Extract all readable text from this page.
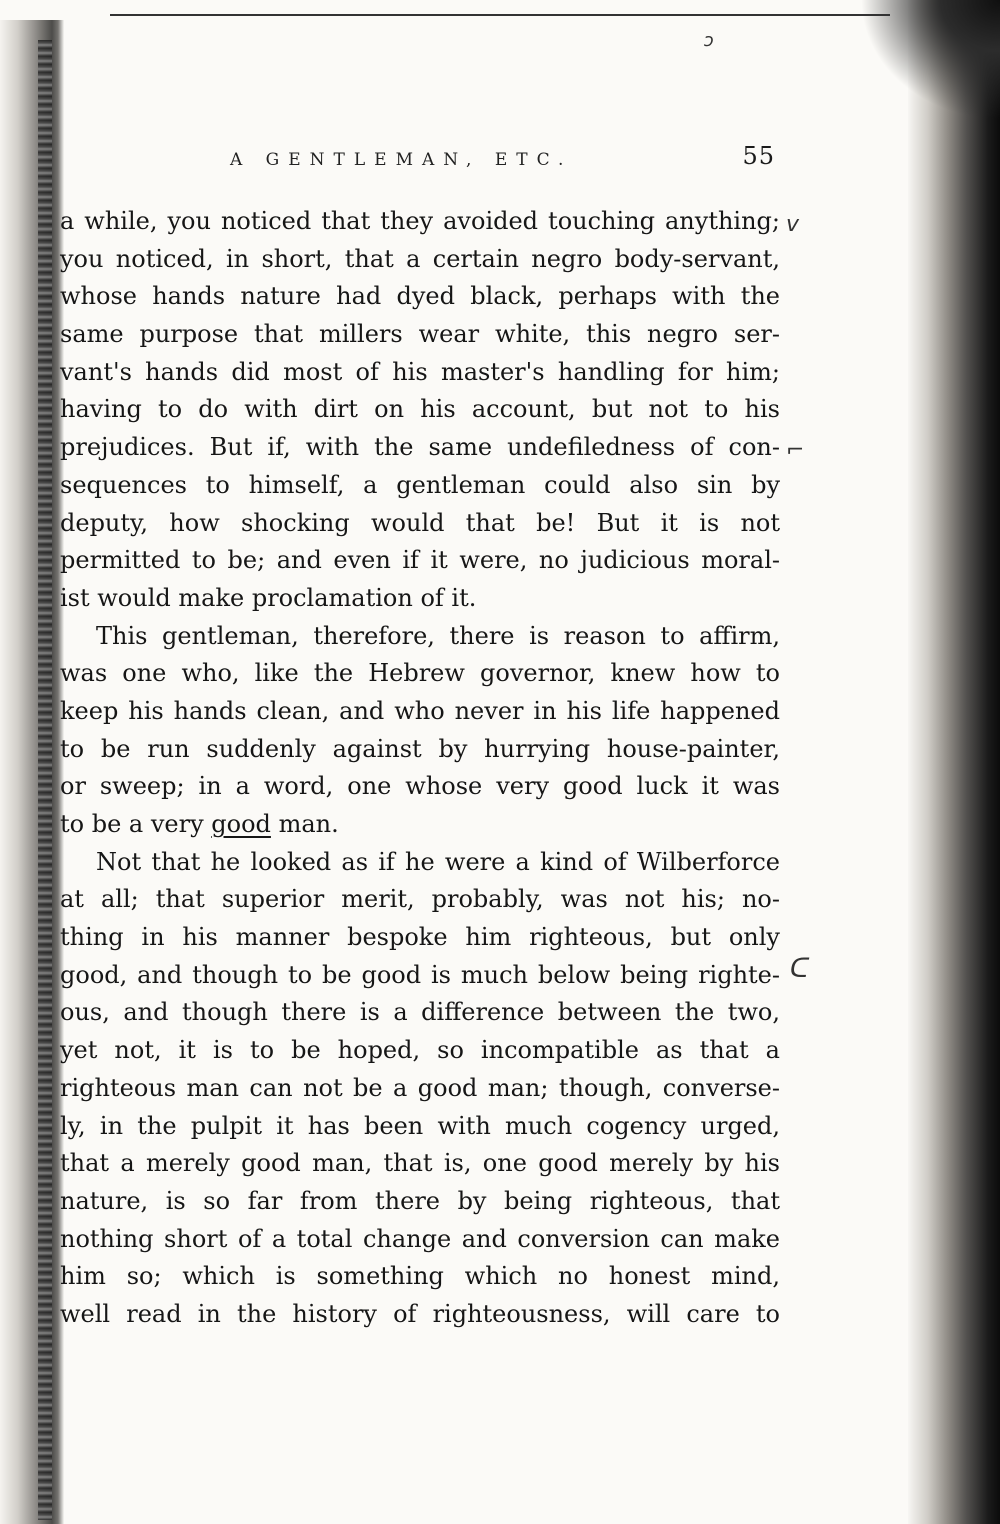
A GENTLEMAN, ETC.	55
ↄ
v
⌐
ᑕ
a while, you noticed that they avoided touching anything;
you noticed, in short, that a certain negro body-servant,
whose hands nature had dyed black, perhaps with the
same purpose that millers wear white, this negro ser-
vant's hands did most of his master's handling for him;
having to do with dirt on his account, but not to his
prejudices. But if, with the same undefiledness of con-
sequences to himself, a gentleman could also sin by
deputy, how shocking would that be! But it is not
permitted to be; and even if it were, no judicious moral-
ist would make proclamation of it.
This gentleman, therefore, there is reason to affirm,
was one who, like the Hebrew governor, knew how to
keep his hands clean, and who never in his life happened
to be run suddenly against by hurrying house-painter,
or sweep; in a word, one whose very good luck it was
to be a very good man.
Not that he looked as if he were a kind of Wilberforce
at all; that superior merit, probably, was not his; no-
thing in his manner bespoke him righteous, but only
good, and though to be good is much below being righte-
ous, and though there is a difference between the two,
yet not, it is to be hoped, so incompatible as that a
righteous man can not be a good man; though, converse-
ly, in the pulpit it has been with much cogency urged,
that a merely good man, that is, one good merely by his
nature, is so far from there by being righteous, that
nothing short of a total change and conversion can make
him so; which is something which no honest mind,
well read in the history of righteousness, will care to
